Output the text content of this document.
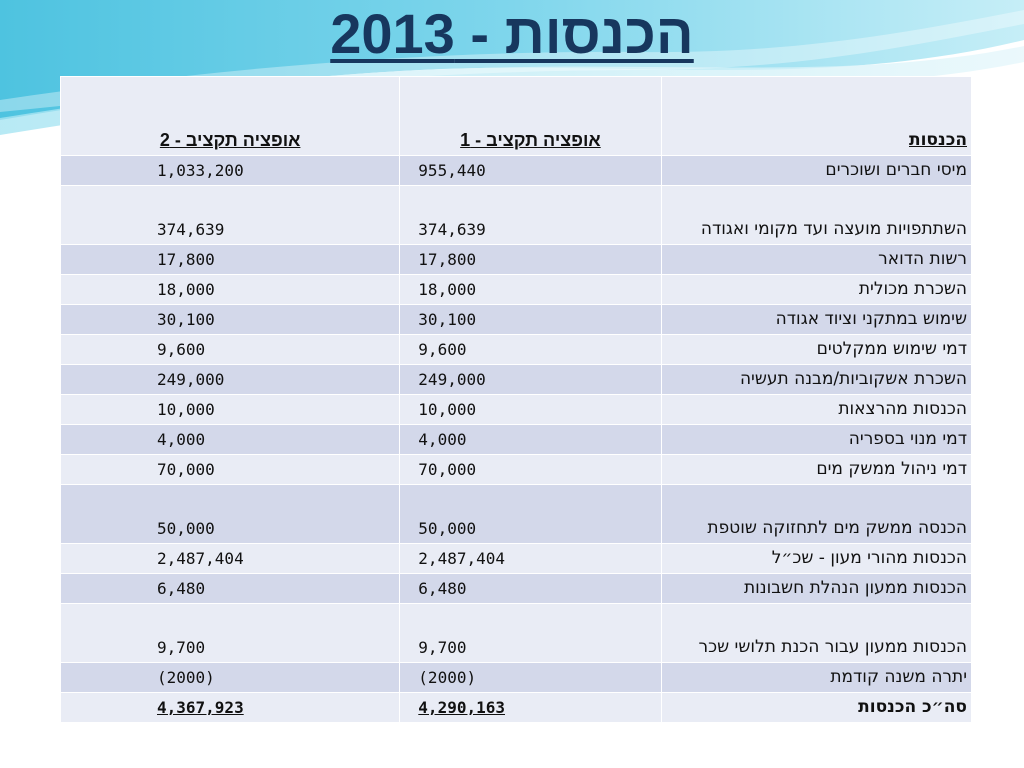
הכנסות - 2013
הכנסות	אופציה תקציב - 1	אופציה תקציב - 2
מיסי חברים ושוכרים	955,440	1,033,200
השתתפויות מועצה ועד מקומי ואגודה	374,639	374,639
רשות הדואר	17,800	17,800
השכרת מכולית	18,000	18,000
שימוש במתקני וציוד אגודה	30,100	30,100
דמי שימוש ממקלטים	9,600	9,600
השכרת אשקוביות/מבנה תעשיה	249,000	249,000
הכנסות מהרצאות	10,000	10,000
דמי מנוי בספריה	4,000	4,000
דמי ניהול ממשק מים	70,000	70,000
הכנסה ממשק מים לתחזוקה שוטפת	50,000	50,000
הכנסות מהורי מעון - שכ״ל	2,487,404	2,487,404
הכנסות ממעון הנהלת חשבונות	6,480	6,480
הכנסות ממעון עבור הכנת תלושי שכר	9,700	9,700
יתרה משנה קודמת	(2000)	(2000)
סה״כ הכנסות	4,290,163	4,367,923
